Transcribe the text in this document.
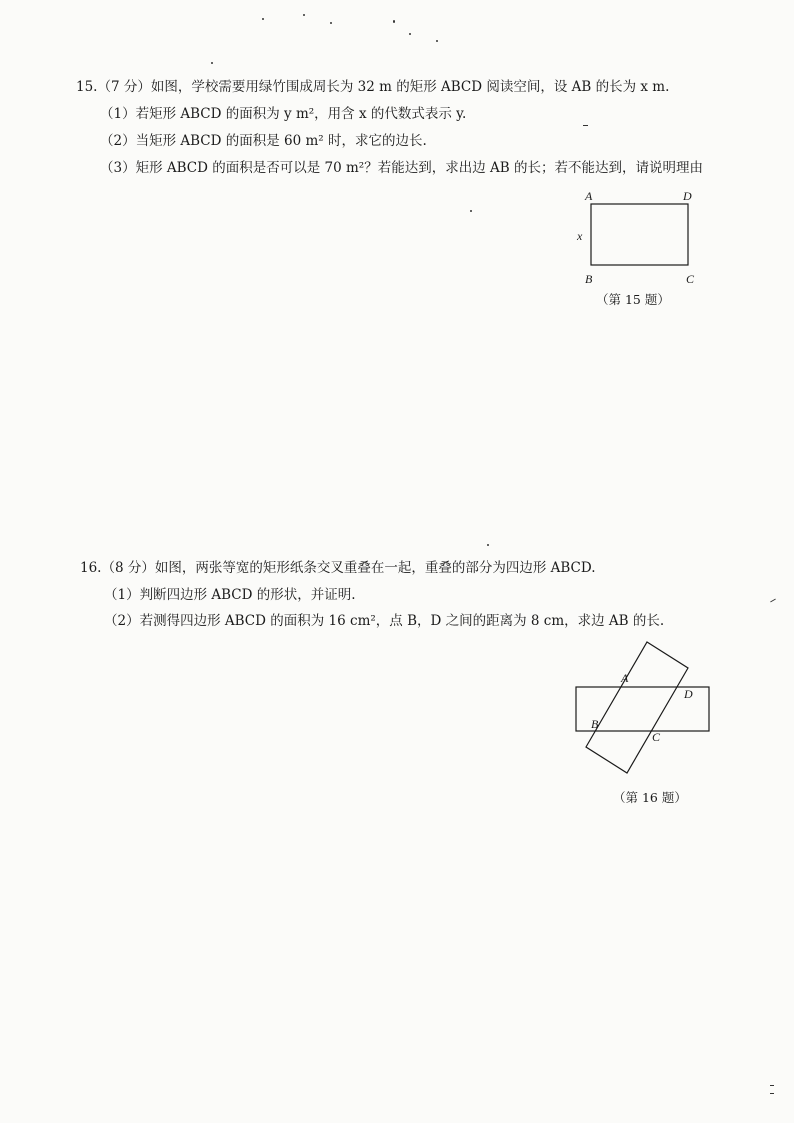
15.（7 分）如图，学校需要用绿竹围成周长为 32 m 的矩形 ABCD 阅读空间，设 AB 的长为 x m.
（1）若矩形 ABCD 的面积为 y m²，用含 x 的代数式表示 y.
（2）当矩形 ABCD 的面积是 60 m² 时，求它的边长.
（3）矩形 ABCD 的面积是否可以是 70 m²？若能达到，求出边 AB 的长；若不能达到，请说明理由
A	D
x
B	C
（第 15 题）
16.（8 分）如图，两张等宽的矩形纸条交叉重叠在一起，重叠的部分为四边形 ABCD.
（1）判断四边形 ABCD 的形状，并证明.
（2）若测得四边形 ABCD 的面积为 16 cm²，点 B，D 之间的距离为 8 cm，求边 AB 的长.
A
D
B
C
（第 16 题）
